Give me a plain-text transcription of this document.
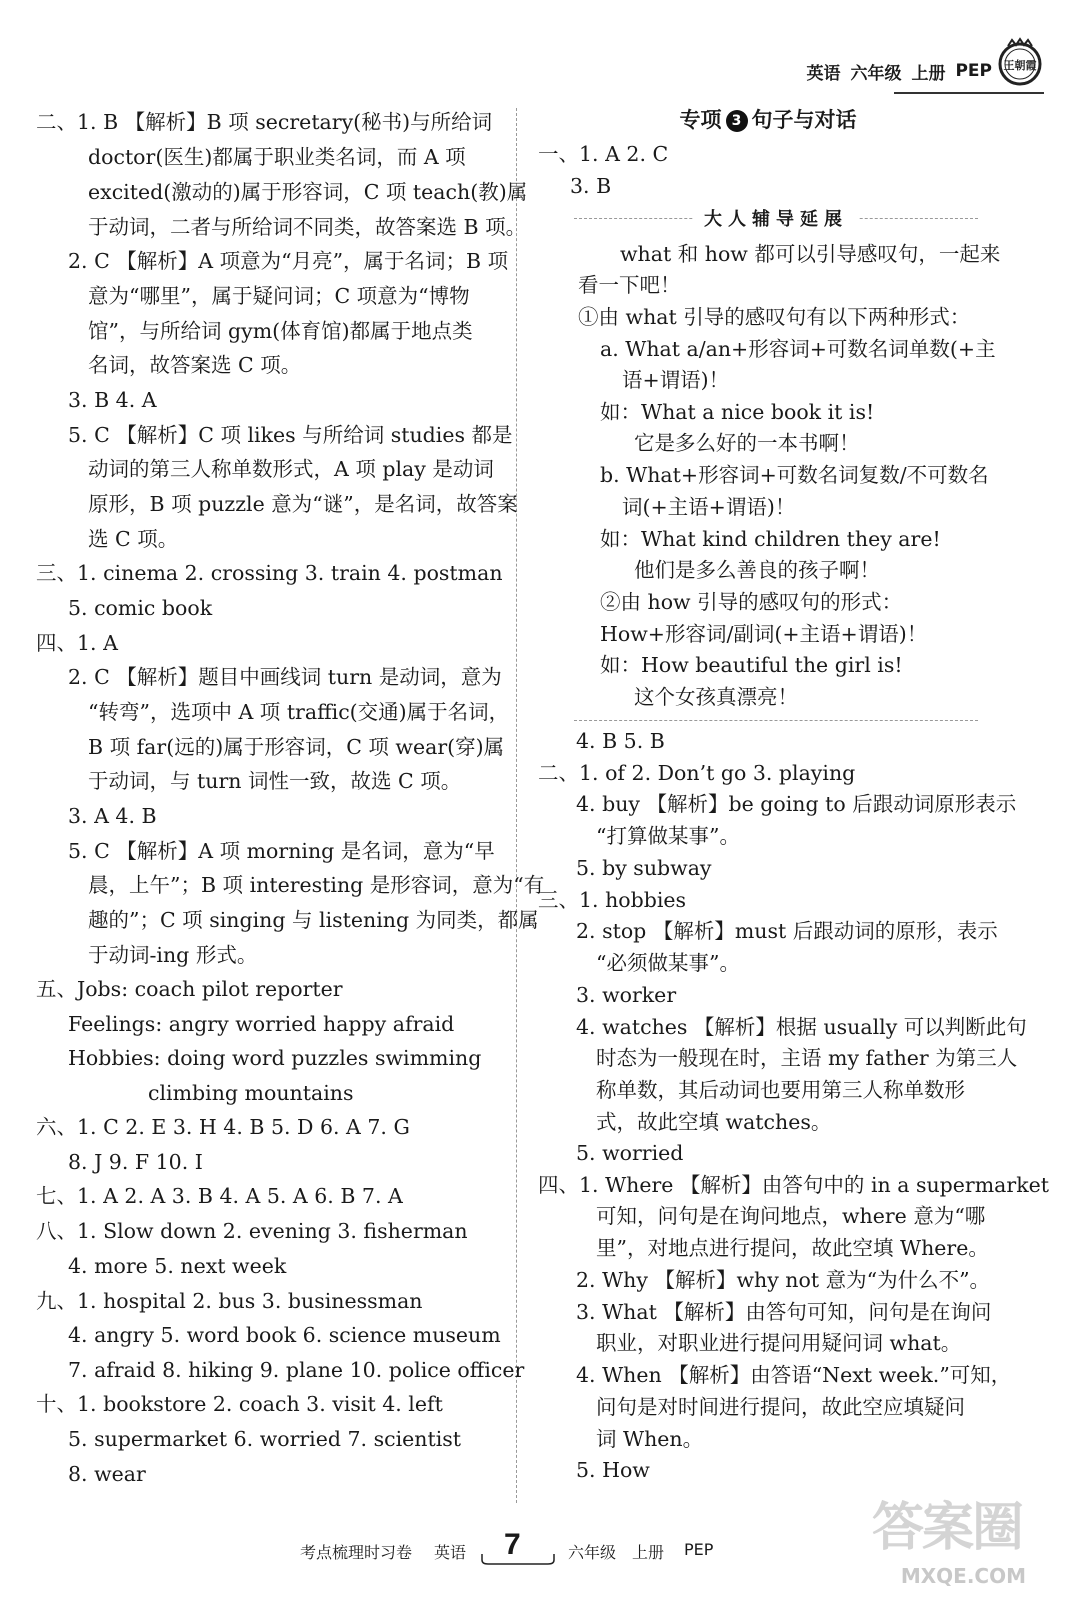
英语 六年级 上册 PEP 王朝霞
二、1. B 【解析】B 项 secretary(秘书)与所给词
doctor(医生)都属于职业类名词，而 A 项
excited(激动的)属于形容词，C 项 teach(教)属
于动词，二者与所给词不同类，故答案选 B 项。
2. C 【解析】A 项意为“月亮”，属于名词；B 项
意为“哪里”，属于疑问词；C 项意为“博物
馆”，与所给词 gym(体育馆)都属于地点类
名词，故答案选 C 项。
3. B 4. A
5. C 【解析】C 项 likes 与所给词 studies 都是
动词的第三人称单数形式，A 项 play 是动词
原形，B 项 puzzle 意为“谜”，是名词，故答案
选 C 项。
三、1. cinema 2. crossing 3. train 4. postman
5. comic book
四、1. A
2. C 【解析】题目中画线词 turn 是动词，意为
“转弯”，选项中 A 项 traffic(交通)属于名词，
B 项 far(远的)属于形容词，C 项 wear(穿)属
于动词，与 turn 词性一致，故选 C 项。
3. A 4. B
5. C 【解析】A 项 morning 是名词，意为“早
晨，上午”；B 项 interesting 是形容词，意为“有
趣的”；C 项 singing 与 listening 为同类，都属
于动词-ing 形式。
五、Jobs: coach pilot reporter
Feelings: angry worried happy afraid
Hobbies: doing word puzzles swimming
climbing mountains
六、1. C 2. E 3. H 4. B 5. D 6. A 7. G
8. J 9. F 10. I
七、1. A 2. A 3. B 4. A 5. A 6. B 7. A
八、1. Slow down 2. evening 3. fisherman
4. more 5. next week
九、1. hospital 2. bus 3. businessman
4. angry 5. word book 6. science museum
7. afraid 8. hiking 9. plane 10. police officer
十、1. bookstore 2. coach 3. visit 4. left
5. supermarket 6. worried 7. scientist
8. wear
专项 3 句子与对话
大人辅导延展
一、1. A 2. C
3. B
what 和 how 都可以引导感叹句，一起来
看一下吧！
①由 what 引导的感叹句有以下两种形式：
a. What a/an+形容词+可数名词单数(+主
语+谓语)！
如：What a nice book it is!
它是多么好的一本书啊！
b. What+形容词+可数名词复数/不可数名
词(+主语+谓语)！
如：What kind children they are!
他们是多么善良的孩子啊！
②由 how 引导的感叹句的形式：
How+形容词/副词(+主语+谓语)！
如：How beautiful the girl is!
这个女孩真漂亮！
4. B 5. B
二、1. of 2. Don’t go 3. playing
4. buy 【解析】be going to 后跟动词原形表示
“打算做某事”。
5. by subway
三、1. hobbies
2. stop 【解析】must 后跟动词的原形，表示
“必须做某事”。
3. worker
4. watches 【解析】根据 usually 可以判断此句
时态为一般现在时，主语 my father 为第三人
称单数，其后动词也要用第三人称单数形
式，故此空填 watches。
5. worried
四、1. Where 【解析】由答句中的 in a supermarket
可知，问句是在询问地点，where 意为“哪
里”，对地点进行提问，故此空填 Where。
2. Why 【解析】why not 意为“为什么不”。
3. What 【解析】由答句可知，问句是在询问
职业，对职业进行提问用疑问词 what。
4. When 【解析】由答语“Next week.”可知，
问句是对时间进行提问，故此空应填疑问
词 When。
5. How
考点梳理时习卷 英语 7	六年级 上册 PEP	答案圈
MXQE.COM
